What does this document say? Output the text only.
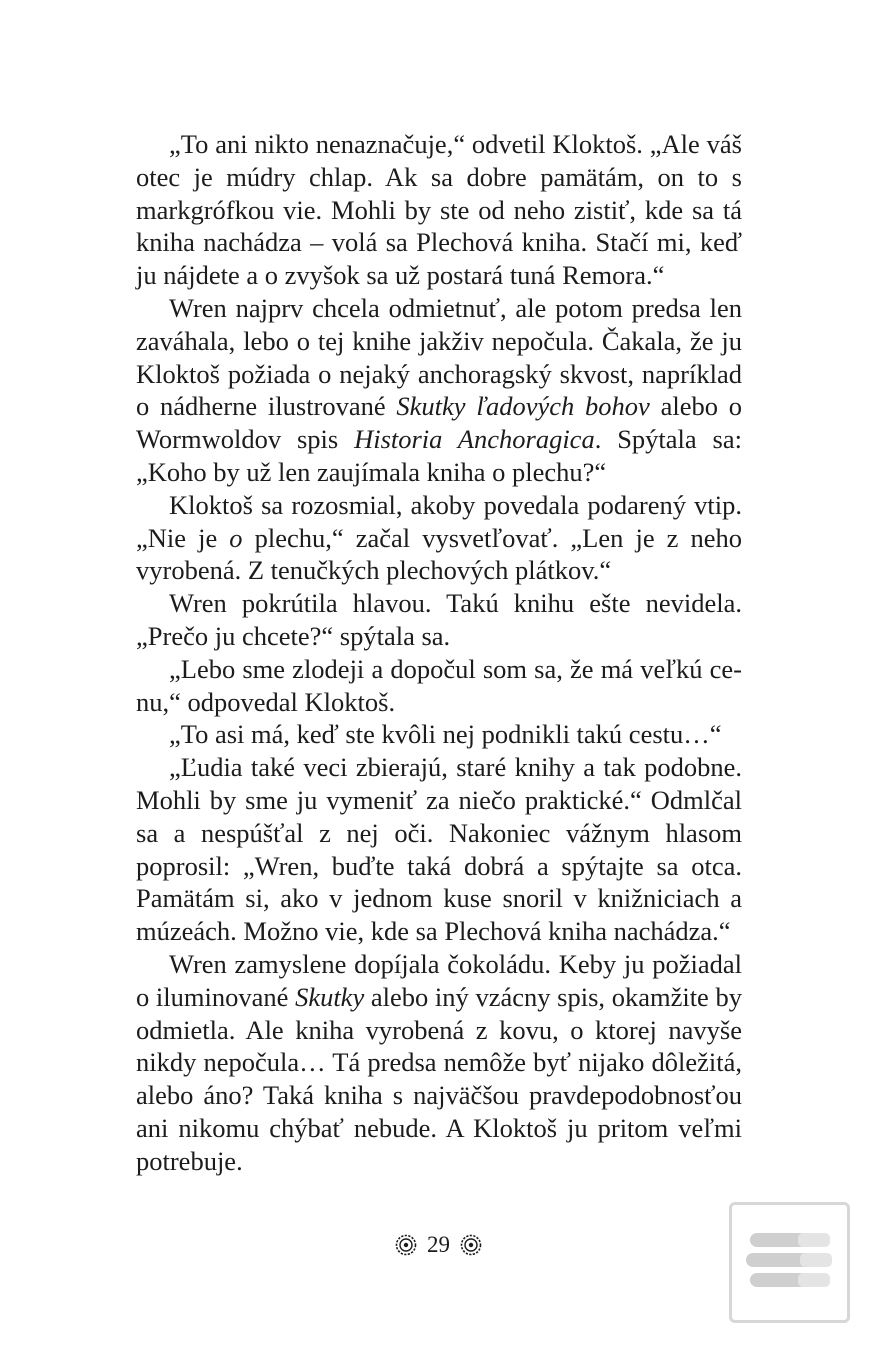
„To ani nikto nenaznačuje,“ odvetil Kloktoš. „Ale váš otec je múdry chlap. Ak sa dobre pamätám, on to s markgrófkou vie. Mohli by ste od neho zistiť, kde sa tá kniha nachádza – volá sa Plechová kniha. Stačí mi, keď ju nájdete a o zvyšok sa už postará tuná Remora.“

Wren najprv chcela odmietnuť, ale potom predsa len zaváhala, lebo o tej knihe jakživ nepočula. Čakala, že ju Kloktoš požiada o nejaký anchoragský skvost, napríklad o nádherne ilustrované Skutky ľadových bohov alebo o Wormwoldov spis Historia Anchoragica. Spýtala sa: „Koho by už len zaujímala kniha o plechu?“

Kloktoš sa rozosmial, akoby povedala podarený vtip. „Nie je o plechu,“ začal vysvetľovať. „Len je z neho vyrobená. Z tenučkých plechových plátkov.“

Wren pokrútila hlavou. Takú knihu ešte nevidela. „Prečo ju chcete?“ spýtala sa.

„Lebo sme zlodeji a dopočul som sa, že má veľkú cenu,“ odpovedal Kloktoš.

„To asi má, keď ste kvôli nej podnikli takú cestu…“

„Ľudia také veci zbierajú, staré knihy a tak podobne. Mohli by sme ju vymeniť za niečo praktické.“ Odmlčal sa a nespúšťal z nej oči. Nakoniec vážnym hlasom poprosil: „Wren, buďte taká dobrá a spýtajte sa otca. Pamätám si, ako v jednom kuse snoril v knižniciach a múzeách. Možno vie, kde sa Plechová kniha nachádza.“

Wren zamyslene dopíjala čokoládu. Keby ju požiadal o iluminované Skutky alebo iný vzácny spis, okamžite by odmietla. Ale kniha vyrobená z kovu, o ktorej navyše nikdy nepočula… Tá predsa nemôže byť nijako dôležitá, alebo áno? Taká kniha s najväčšou pravdepodobnosťou ani nikomu chýbať nebude. A Kloktoš ju pritom veľmi potrebuje.

29
